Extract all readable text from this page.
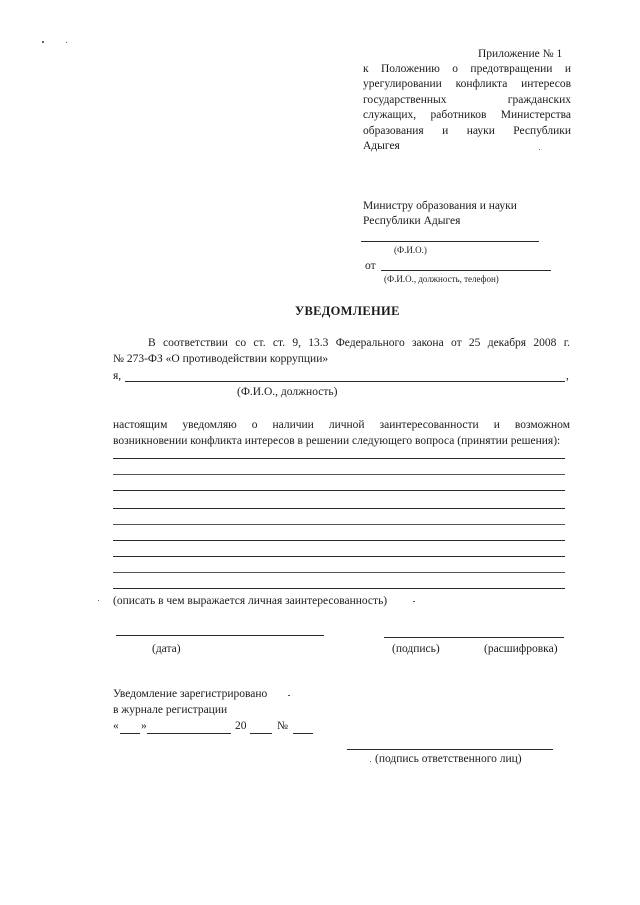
Приложение № 1
к Положению о предотвращении и
урегулировании конфликта интересов
государственных гражданских
служащих, работников Министерства
образования и науки Республики
Адыгея
Министру образования и науки
Республики Адыгея
(Ф.И.О.)
от
(Ф.И.О., должность, телефон)
УВЕДОМЛЕНИЕ
В соответствии со ст. ст. 9, 13.3 Федерального закона от 25 декабря 2008 г.
№ 273-ФЗ «О противодействии коррупции»
я,	,
(Ф.И.О., должность)
настоящим уведомляю о наличии личной заинтересованности и возможном
возникновении конфликта интересов в решении следующего вопроса (принятии решения):
(описать в чем выражается личная заинтересованность)
(дата)	(подпись)	(расшифровка)
Уведомление зарегистрировано
в журнале регистрации
« »	20	№
(подпись ответственного лиц)
